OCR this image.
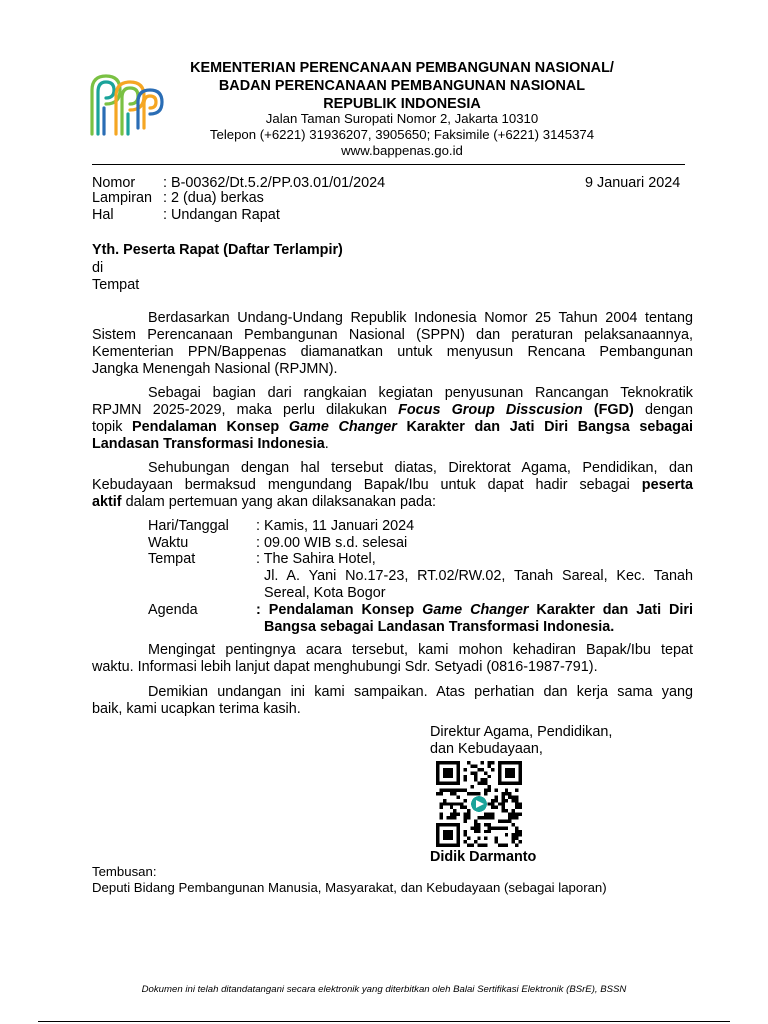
KEMENTERIAN PERENCANAAN PEMBANGUNAN NASIONAL/
BADAN PERENCANAAN PEMBANGUNAN NASIONAL
REPUBLIK INDONESIA
Jalan Taman Suropati Nomor 2, Jakarta 10310
Telepon (+6221) 31936207, 3905650; Faksimile (+6221) 3145374
www.bappenas.go.id
Nomor : B-00362/Dt.5.2/PP.03.01/01/2024	9 Januari 2024
Lampiran : 2 (dua) berkas
Hal	: Undangan Rapat
Yth. Peserta Rapat (Daftar Terlampir)
di
Tempat
Berdasarkan Undang-Undang Republik Indonesia Nomor 25 Tahun 2004 tentang
Sistem Perencanaan Pembangunan Nasional (SPPN) dan peraturan pelaksanaannya,
Kementerian PPN/Bappenas diamanatkan untuk menyusun Rencana Pembangunan
Jangka Menengah Nasional (RPJMN).
Sebagai bagian dari rangkaian kegiatan penyusunan Rancangan Teknokratik
RPJMN 2025-2029, maka perlu dilakukan Focus Group Disscusion (FGD) dengan
topik Pendalaman Konsep Game Changer Karakter dan Jati Diri Bangsa sebagai
Landasan Transformasi Indonesia.
Sehubungan dengan hal tersebut diatas, Direktorat Agama, Pendidikan, dan
Kebudayaan bermaksud mengundang Bapak/Ibu untuk dapat hadir sebagai peserta
aktif dalam pertemuan yang akan dilaksanakan pada:
Hari/Tanggal : Kamis, 11 Januari 2024
Waktu	: 09.00 WIB s.d. selesai
Tempat	: The Sahira Hotel,
Jl. A. Yani No.17-23, RT.02/RW.02, Tanah Sareal, Kec. Tanah
Sereal, Kota Bogor
Agenda	: Pendalaman Konsep Game Changer Karakter dan Jati Diri
Bangsa sebagai Landasan Transformasi Indonesia.
Mengingat pentingnya acara tersebut, kami mohon kehadiran Bapak/Ibu tepat
waktu. Informasi lebih lanjut dapat menghubungi Sdr. Setyadi (0816-1987-791).
Demikian undangan ini kami sampaikan. Atas perhatian dan kerja sama yang
baik, kami ucapkan terima kasih.
Direktur Agama, Pendidikan,
dan Kebudayaan,
Didik Darmanto
Tembusan:
Deputi Bidang Pembangunan Manusia, Masyarakat, dan Kebudayaan (sebagai laporan)
Dokumen ini telah ditandatangani secara elektronik yang diterbitkan oleh Balai Sertifikasi Elektronik (BSrE), BSSN
